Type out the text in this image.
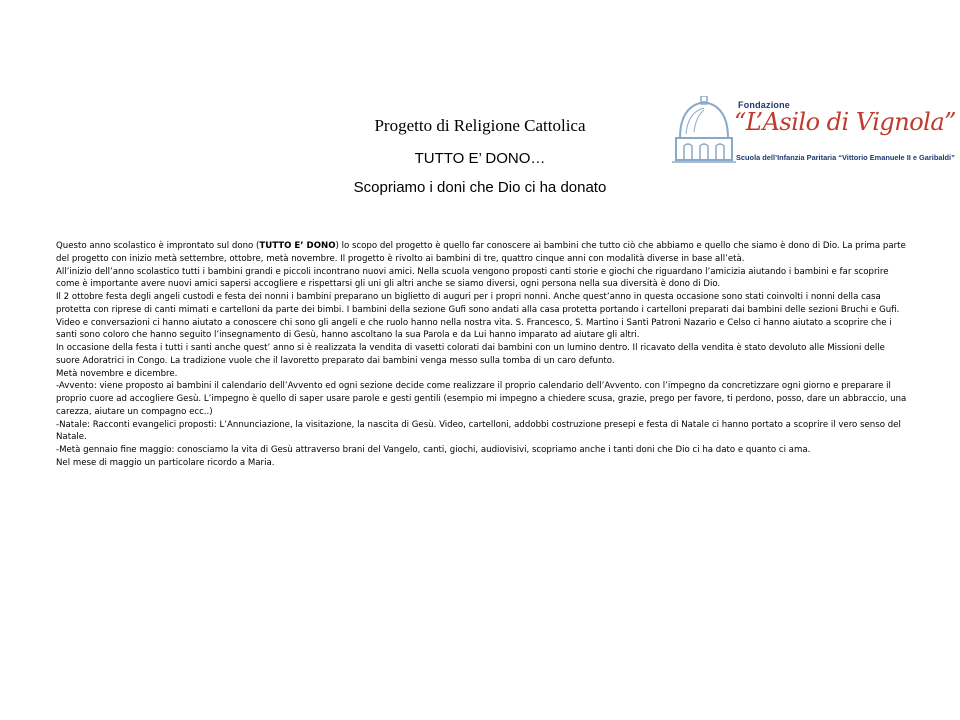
Progetto di Religione Cattolica

TUTTO E’ DONO…

Scopriamo i doni che Dio ci ha donato

Fondazione
“L’Asilo di Vignola”
Scuola dell’Infanzia Paritaria “Vittorio Emanuele II e Garibaldi”

Questo anno scolastico è improntato sul dono (TUTTO E’ DONO) lo scopo del progetto è quello far conoscere ai bambini che tutto ciò che abbiamo e quello che siamo è dono di Dio. La prima parte del progetto con inizio metà settembre, ottobre, metà novembre. Il progetto è rivolto ai bambini di tre, quattro cinque anni con modalità diverse in base all’età.

All’inizio dell’anno scolastico tutti i bambini grandi e piccoli incontrano nuovi amici. Nella scuola vengono proposti canti storie e giochi che riguardano l’amicizia aiutando i bambini e far scoprire come è importante avere nuovi amici sapersi accogliere e rispettarsi gli uni gli altri anche se siamo diversi, ogni persona nella sua diversità è dono di Dio.

Il 2 ottobre festa degli angeli custodi e festa dei nonni i bambini preparano un biglietto di auguri per i propri nonni. Anche quest’anno in questa occasione sono stati coinvolti i nonni della casa protetta con riprese di canti mimati e cartelloni da parte dei bimbi. I bambini della sezione Gufi sono andati alla casa protetta portando i cartelloni preparati dai bambini delle sezioni Bruchi e Gufi.

Video e conversazioni ci hanno aiutato a conoscere chi sono gli angeli e che ruolo hanno nella nostra vita. S. Francesco, S. Martino i Santi Patroni Nazario e Celso ci hanno aiutato a scoprire che i santi sono coloro che hanno seguito l’insegnamento di Gesù, hanno ascoltano la sua Parola e da Lui hanno imparato ad aiutare gli altri.

In occasione della festa i tutti i santi anche quest’ anno si è realizzata la vendita di vasetti colorati dai bambini con un lumino dentro. Il ricavato della vendita è stato devoluto alle Missioni delle suore Adoratrici in Congo. La tradizione vuole che il lavoretto preparato dai bambini venga messo sulla tomba di un caro defunto.

Metà novembre e dicembre.

-Avvento: viene proposto ai bambini il calendario dell’Avvento ed ogni sezione decide come realizzare il proprio calendario dell’Avvento. con l’impegno da concretizzare ogni giorno e preparare il proprio cuore ad accogliere Gesù. L’impegno è quello di saper usare parole e gesti gentili (esempio mi impegno a chiedere scusa, grazie, prego per favore, ti perdono, posso, dare un abbraccio, una carezza, aiutare un compagno ecc..)

-Natale: Racconti evangelici proposti: L’Annunciazione, la visitazione, la nascita di Gesù. Video, cartelloni, addobbi costruzione presepi e festa di Natale ci hanno portato a scoprire il vero senso del Natale.

-Metà gennaio fine maggio: conosciamo la vita di Gesù attraverso brani del Vangelo, canti, giochi, audiovisivi, scopriamo anche i tanti doni che Dio ci ha dato e quanto ci ama.

Nel mese di maggio un particolare ricordo a Maria.
